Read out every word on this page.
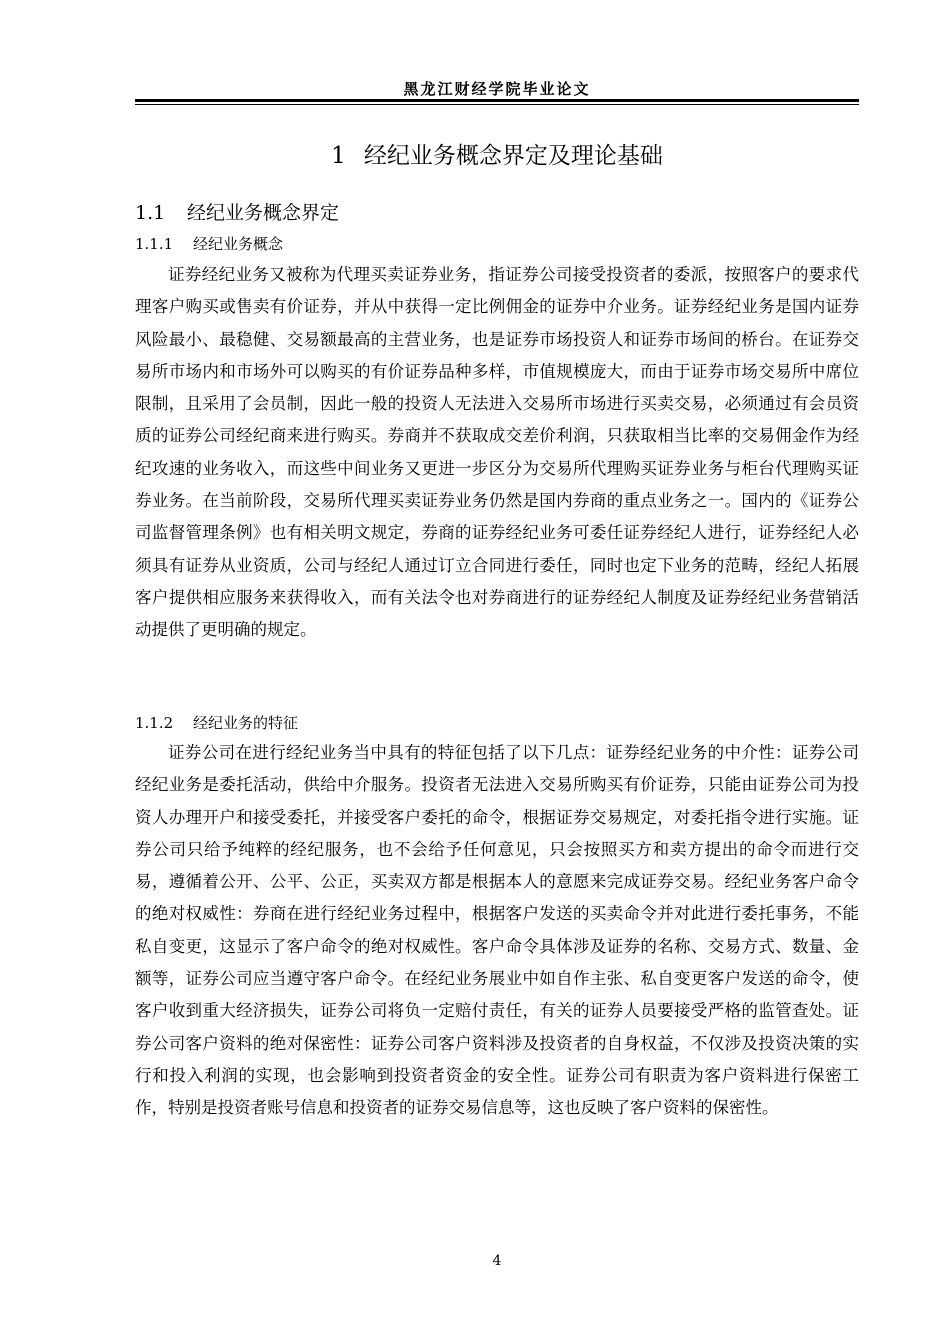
黑龙江财经学院毕业论文
1 经纪业务概念界定及理论基础
1.1 经纪业务概念界定
1.1.1 经纪业务概念

证券经纪业务又被称为代理买卖证券业务，指证券公司接受投资者的委派，按照客户的要求代理客户购买或售卖有价证券，并从中获得一定比例佣金的证券中介业务。证券经纪业务是国内证券风险最小、最稳健、交易额最高的主营业务，也是证券市场投资人和证券市场间的桥台。在证券交易所市场内和市场外可以购买的有价证券品种多样，市值规模庞大，而由于证券市场交易所中席位限制，且采用了会员制，因此一般的投资人无法进入交易所市场进行买卖交易，必须通过有会员资质的证券公司经纪商来进行购买。券商并不获取成交差价利润，只获取相当比率的交易佣金作为经纪攻速的业务收入，而这些中间业务又更进一步区分为交易所代理购买证券业务与柜台代理购买证券业务。在当前阶段，交易所代理买卖证券业务仍然是国内券商的重点业务之一。国内的《证券公司监督管理条例》也有相关明文规定，券商的证券经纪业务可委任证券经纪人进行，证券经纪人必须具有证券从业资质，公司与经纪人通过订立合同进行委任，同时也定下业务的范畴，经纪人拓展客户提供相应服务来获得收入，而有关法令也对券商进行的证券经纪人制度及证券经纪业务营销活动提供了更明确的规定。

1.1.2 经纪业务的特征

证券公司在进行经纪业务当中具有的特征包括了以下几点：证券经纪业务的中介性：证券公司经纪业务是委托活动，供给中介服务。投资者无法进入交易所购买有价证券，只能由证券公司为投资人办理开户和接受委托，并接受客户委托的命令，根据证券交易规定，对委托指令进行实施。证券公司只给予纯粹的经纪服务，也不会给予任何意见，只会按照买方和卖方提出的命令而进行交易，遵循着公开、公平、公正，买卖双方都是根据本人的意愿来完成证券交易。经纪业务客户命令的绝对权威性：券商在进行经纪业务过程中，根据客户发送的买卖命令并对此进行委托事务，不能私自变更，这显示了客户命令的绝对权威性。客户命令具体涉及证券的名称、交易方式、数量、金额等，证券公司应当遵守客户命令。在经纪业务展业中如自作主张、私自变更客户发送的命令，使客户收到重大经济损失，证券公司将负一定赔付责任，有关的证券人员要接受严格的监管查处。证券公司客户资料的绝对保密性：证券公司客户资料涉及投资者的自身权益，不仅涉及投资决策的实行和投入利润的实现，也会影响到投资者资金的安全性。证券公司有职责为客户资料进行保密工作，特别是投资者账号信息和投资者的证券交易信息等，这也反映了客户资料的保密性。

4
